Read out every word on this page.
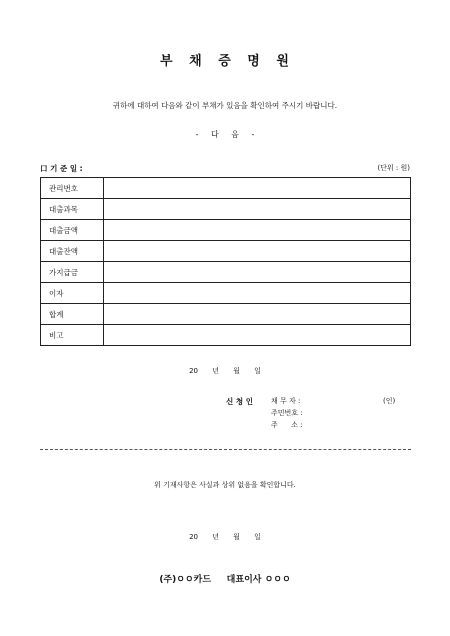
부 채 증 명 원
귀하에 대하여 다음와 같이 부채가 있음을 확인하여 주시기 바랍니다.
- 다 음 -
口 기 준 일 :	(단위 : 원)
관리번호	
대출과목	
대출금액	
대출잔액	
가지급금	
이자	
합계	
비고	
20 년 월 일
신 청 인	채 무 자 :	(인)
주민번호 :
주      소 :
위 기재사항은 사실과 상위 없음을 확인합니다.
20 년 월 일
(주)ㅇㅇ카드     대표이사 ㅇㅇㅇ
